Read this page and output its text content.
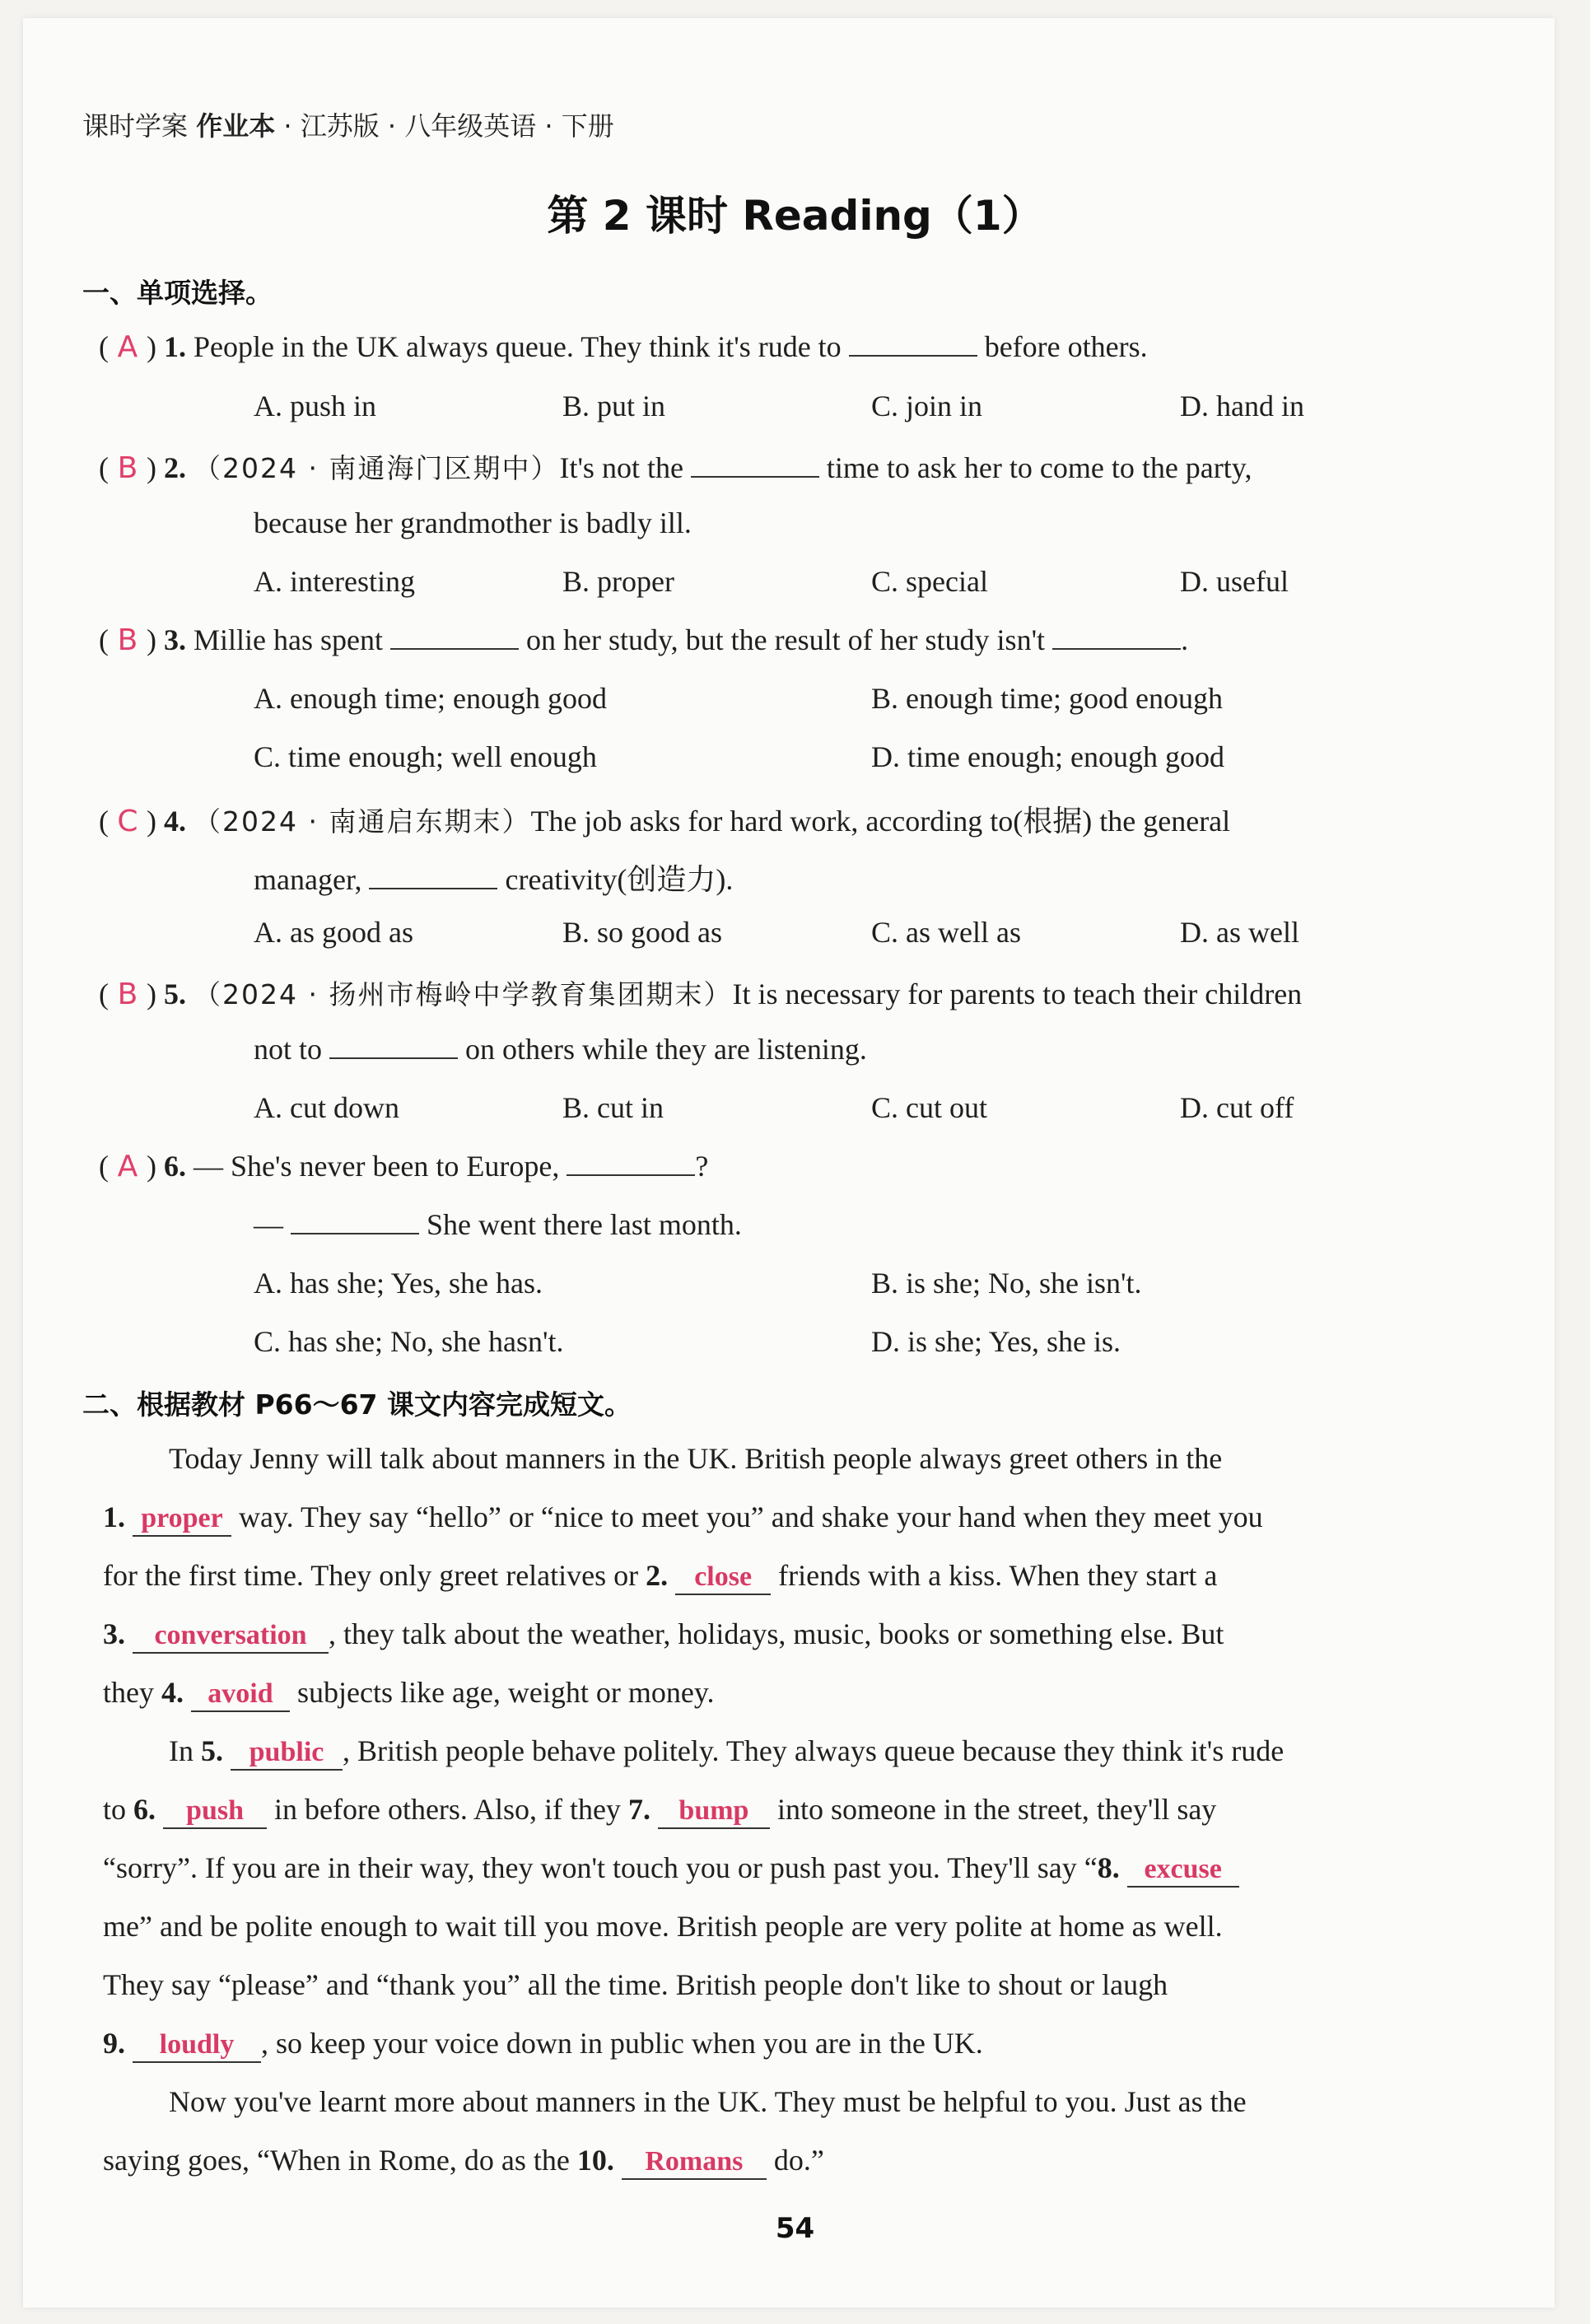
课时学案 作业本 · 江苏版 · 八年级英语 · 下册
第 2 课时 Reading（1）
一、单项选择。
( A ) 1. People in the UK always queue. They think it's rude to	before others.
A. push in	B. put in	C. join in	D. hand in
( B ) 2. （2024 · 南通海门区期中）It's not the	time to ask her to come to the party,
because her grandmother is badly ill.
A. interesting	B. proper	C. special	D. useful
( B ) 3. Millie has spent	on her study, but the result of her study isn't	.
A. enough time; enough good	B. enough time; good enough
C. time enough; well enough	D. time enough; enough good
( C ) 4. （2024 · 南通启东期末）The job asks for hard work, according to(根据) the general
manager,	creativity(创造力).
A. as good as	B. so good as	C. as well as	D. as well
( B ) 5. （2024 · 扬州市梅岭中学教育集团期末）It is necessary for parents to teach their children
not to	on others while they are listening.
A. cut down	B. cut in	C. cut out	D. cut off
( A ) 6. — She's never been to Europe,	?
—	She went there last month.
A. has she; Yes, she has.	B. is she; No, she isn't.
C. has she; No, she hasn't.	D. is she; Yes, she is.
二、根据教材 P66～67 课文内容完成短文。
Today Jenny will talk about manners in the UK. British people always greet others in the
1. proper way. They say “hello” or “nice to meet you” and shake your hand when they meet you
for the first time. They only greet relatives or 2. close friends with a kiss. When they start a
3. conversation , they talk about the weather, holidays, music, books or something else. But
they 4. avoid subjects like age, weight or money.
In 5. public , British people behave politely. They always queue because they think it's rude
to 6. push in before others. Also, if they 7. bump into someone in the street, they'll say
“sorry”. If you are in their way, they won't touch you or push past you. They'll say “8. excuse
me” and be polite enough to wait till you move. British people are very polite at home as well.
They say “please” and “thank you” all the time. British people don't like to shout or laugh
9. loudly , so keep your voice down in public when you are in the UK.
Now you've learnt more about manners in the UK. They must be helpful to you. Just as the
saying goes, “When in Rome, do as the 10. Romans do.”
54
